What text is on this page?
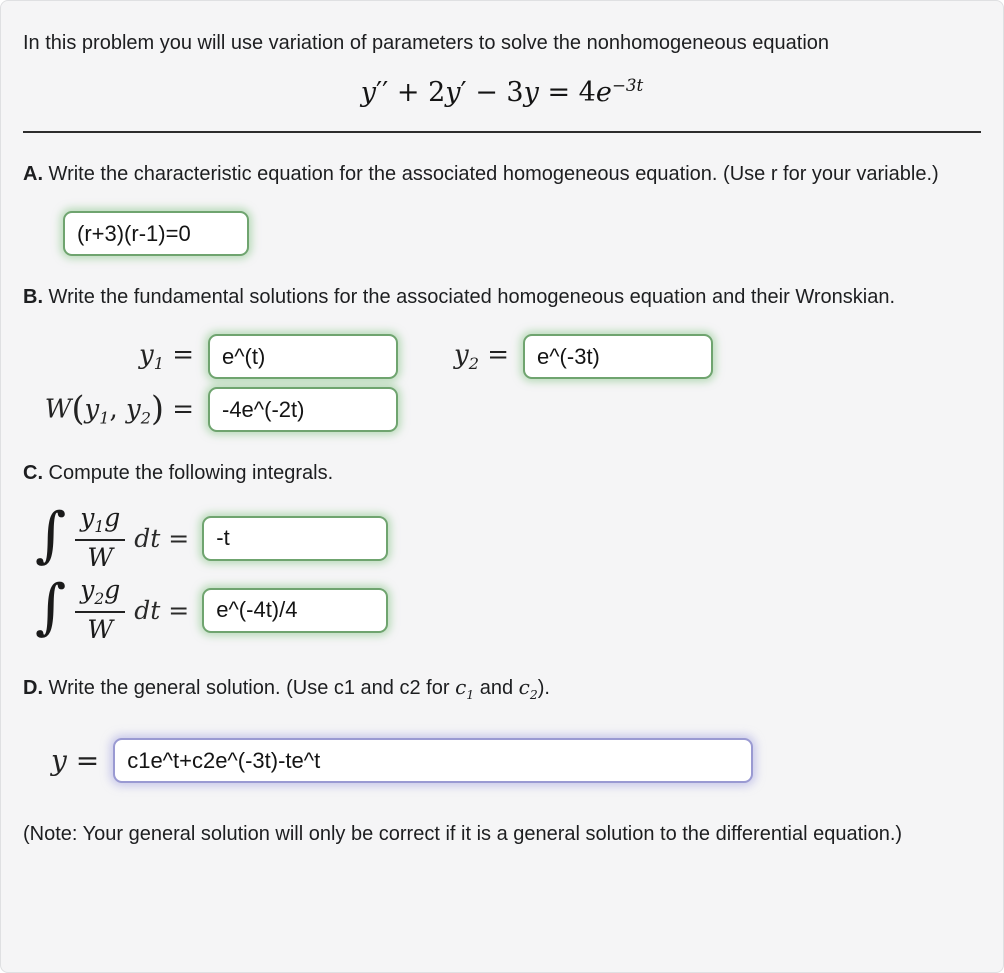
In this problem you will use variation of parameters to solve the nonhomogeneous equation

$y'' + 2y' - 3y = 4e^{-3t}$
A. Write the characteristic equation for the associated homogeneous equation. (Use r for your variable.)
(r+3)(r-1)=0
B. Write the fundamental solutions for the associated homogeneous equation and their Wronskian.
$y_1$ =
e^(t)	$y_2$ =
e^(-3t)
$W(y_1$, $y_2$) =
-4e^(-2t)
C. Compute the following integrals.
∫ $\frac{y_1g}{W}$ dt =
-t
∫ $\frac{y_2g}{W}$ dt =
e^(-4t)/4
D. Write the general solution. (Use c1 and c2 for $c_1$ and $c_2$).
y =
c1e^t+c2e^(-3t)-te^t

(Note: Your general solution will only be correct if it is a general solution to the differential equation.)
